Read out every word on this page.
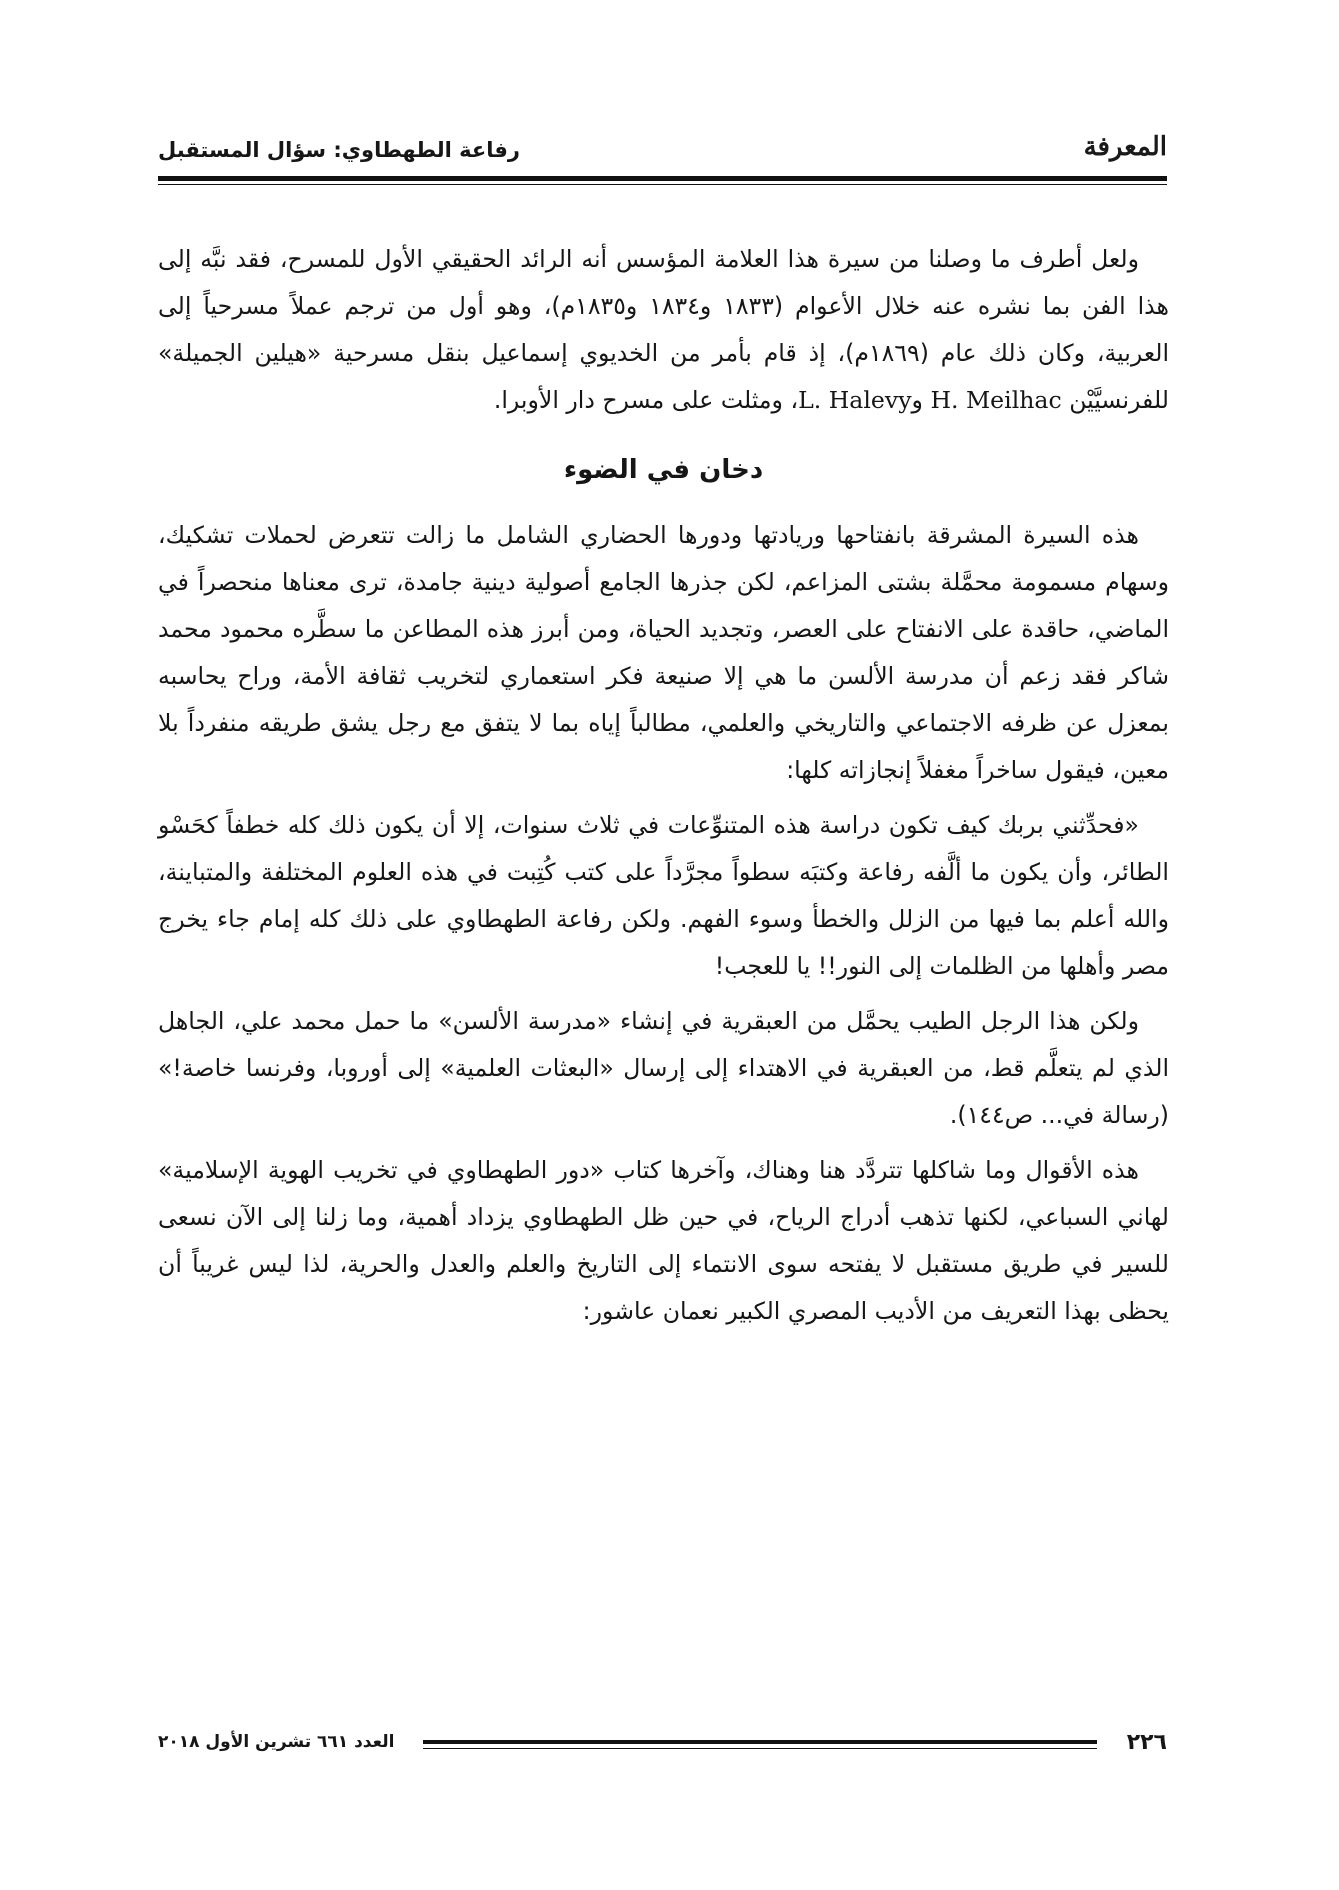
المعرفة
رفاعة الطهطاوي: سؤال المستقبل

ولعل أطرف ما وصلنا من سيرة هذا العلامة المؤسس أنه الرائد الحقيقي الأول للمسرح، فقد نبَّه إلى هذا الفن بما نشره عنه خلال الأعوام (١٨٣٣ و١٨٣٤ و١٨٣٥م)، وهو أول من ترجم عملاً مسرحياً إلى العربية، وكان ذلك عام (١٨٦٩م)، إذ قام بأمر من الخديوي إسماعيل بنقل مسرحية «هيلين الجميلة» للفرنسيَّيْن H. Meilhac وL. Halevy، ومثلت على مسرح دار الأوبرا.

دخان في الضوء

هذه السيرة المشرقة بانفتاحها وريادتها ودورها الحضاري الشامل ما زالت تتعرض لحملات تشكيك، وسهام مسمومة محمَّلة بشتى المزاعم، لكن جذرها الجامع أصولية دينية جامدة، ترى معناها منحصراً في الماضي، حاقدة على الانفتاح على العصر، وتجديد الحياة، ومن أبرز هذه المطاعن ما سطَّره محمود محمد شاكر فقد زعم أن مدرسة الألسن ما هي إلا صنيعة فكر استعماري لتخريب ثقافة الأمة، وراح يحاسبه بمعزل عن ظرفه الاجتماعي والتاريخي والعلمي، مطالباً إياه بما لا يتفق مع رجل يشق طريقه منفرداً بلا معين، فيقول ساخراً مغفلاً إنجازاته كلها:

«فحدِّثني بربك كيف تكون دراسة هذه المتنوِّعات في ثلاث سنوات، إلا أن يكون ذلك كله خطفاً كحَسْو الطائر، وأن يكون ما ألَّفه رفاعة وكتبَه سطواً مجرَّداً على كتب كُتِبت في هذه العلوم المختلفة والمتباينة، والله أعلم بما فيها من الزلل والخطأ وسوء الفهم. ولكن رفاعة الطهطاوي على ذلك كله إمام جاء يخرج مصر وأهلها من الظلمات إلى النور!! يا للعجب!

ولكن هذا الرجل الطيب يحمَّل من العبقرية في إنشاء «مدرسة الألسن» ما حمل محمد علي، الجاهل الذي لم يتعلَّم قط، من العبقرية في الاهتداء إلى إرسال «البعثات العلمية» إلى أوروبا، وفرنسا خاصة!» (رسالة في... ص١٤٤).

هذه الأقوال وما شاكلها تتردَّد هنا وهناك، وآخرها كتاب «دور الطهطاوي في تخريب الهوية الإسلامية» لهاني السباعي، لكنها تذهب أدراج الرياح، في حين ظل الطهطاوي يزداد أهمية، وما زلنا إلى الآن نسعى للسير في طريق مستقبل لا يفتحه سوى الانتماء إلى التاريخ والعلم والعدل والحرية، لذا ليس غريباً أن يحظى بهذا التعريف من الأديب المصري الكبير نعمان عاشور:

٢٢٦
العدد ٦٦١ تشرين الأول ٢٠١٨
